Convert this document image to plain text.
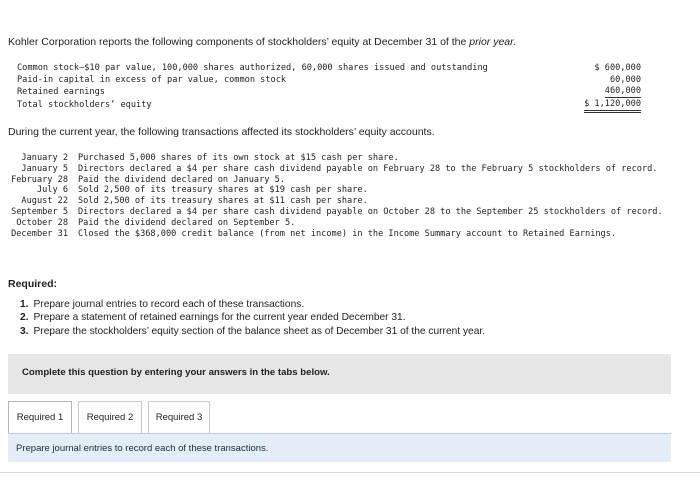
Kohler Corporation reports the following components of stockholders’ equity at December 31 of the prior year.
Common stock—$10 par value, 100,000 shares authorized, 60,000 shares issued and outstanding	$ 600,000
Paid-in capital in excess of par value, common stock	60,000
Retained earnings	460,000
Total stockholders’ equity	$ 1,120,000
During the current year, the following transactions affected its stockholders’ equity accounts.
January 2 Purchased 5,000 shares of its own stock at $15 cash per share.
January 5 Directors declared a $4 per share cash dividend payable on February 28 to the February 5 stockholders of record.
February 28 Paid the dividend declared on January 5.
July 6 Sold 2,500 of its treasury shares at $19 cash per share.
August 22 Sold 2,500 of its treasury shares at $11 cash per share.
September 5 Directors declared a $4 per share cash dividend payable on October 28 to the September 25 stockholders of record.
October 28 Paid the dividend declared on September 5.
December 31 Closed the $368,000 credit balance (from net income) in the Income Summary account to Retained Earnings.
Required:
1. Prepare journal entries to record each of these transactions.
2. Prepare a statement of retained earnings for the current year ended December 31.
3. Prepare the stockholders’ equity section of the balance sheet as of December 31 of the current year.
Complete this question by entering your answers in the tabs below.
Required 1	Required 2	Required 3
Prepare journal entries to record each of these transactions.
